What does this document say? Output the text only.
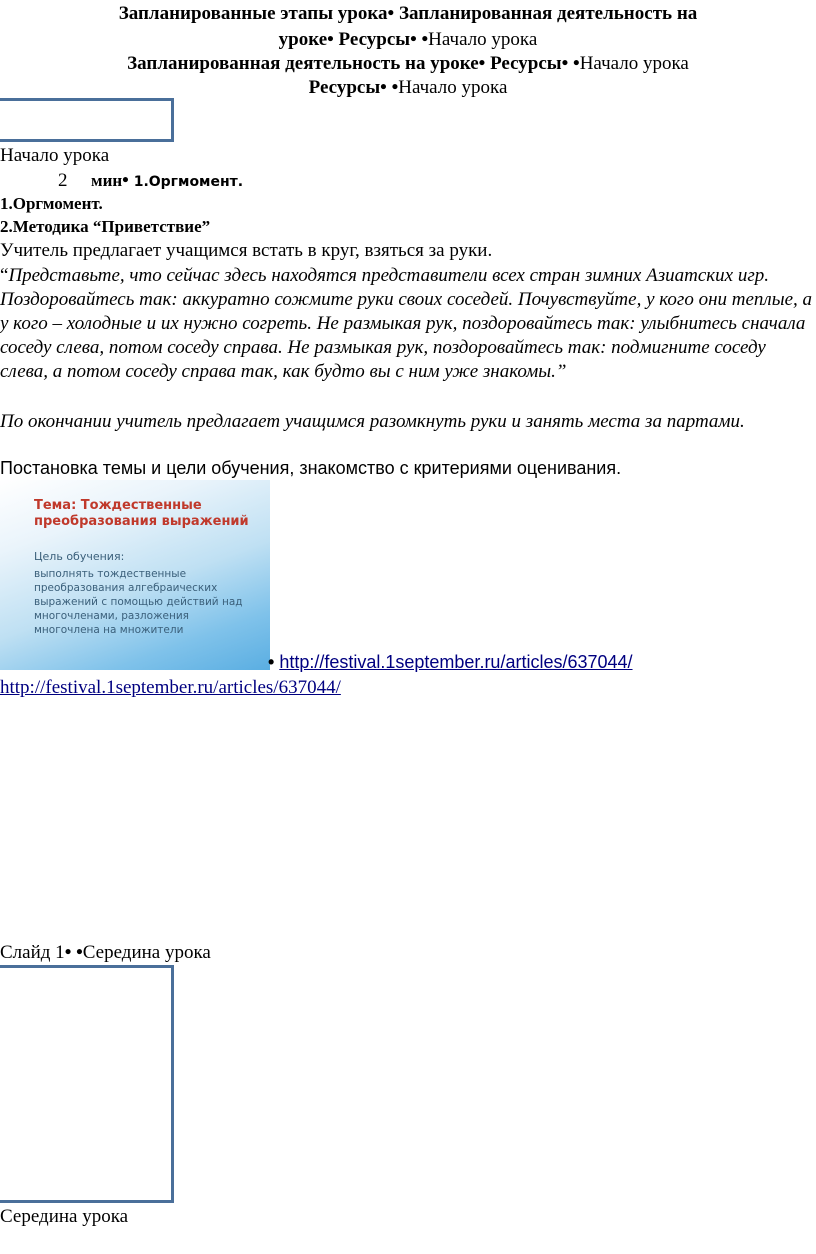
Запланированные этапы урока• Запланированная деятельность на
уроке• Ресурсы• •Начало урока
Запланированная деятельность на уроке• Ресурсы• •Начало урока
Ресурсы• •Начало урока
Начало урока
2 мин• 1.Оргмомент.
1.Оргмомент.
2.Методика “Приветствие”
Учитель предлагает учащимся встать в круг, взяться за руки.
“Представьте, что сейчас здесь находятся представители всех стран зимних Азиатских игр. Поздоровайтесь так: аккуратно сожмите руки своих соседей. Почувствуйте, у кого они теплые, а у кого – холодные и их нужно согреть. Не размыкая рук, поздоровайтесь так: улыбнитесь сначала соседу слева, потом соседу справа. Не размыкая рук, поздоровайтесь так: подмигните соседу слева, а потом соседу справа так, как будто вы с ним уже знакомы.”
По окончании учитель предлагает учащимся разомкнуть руки и занять места за партами.
Постановка темы и цели обучения, знакомство с критериями оценивания.
Тема: Тождественные преобразования выражений
Цель обучения:
выполнять тождественные преобразования алгебраических выражений с помощью действий над многочленами, разложения многочлена на множители
• http://festival.1september.ru/articles/637044/
http://festival.1september.ru/articles/637044/
Слайд 1• •Середина урока
Середина урока
